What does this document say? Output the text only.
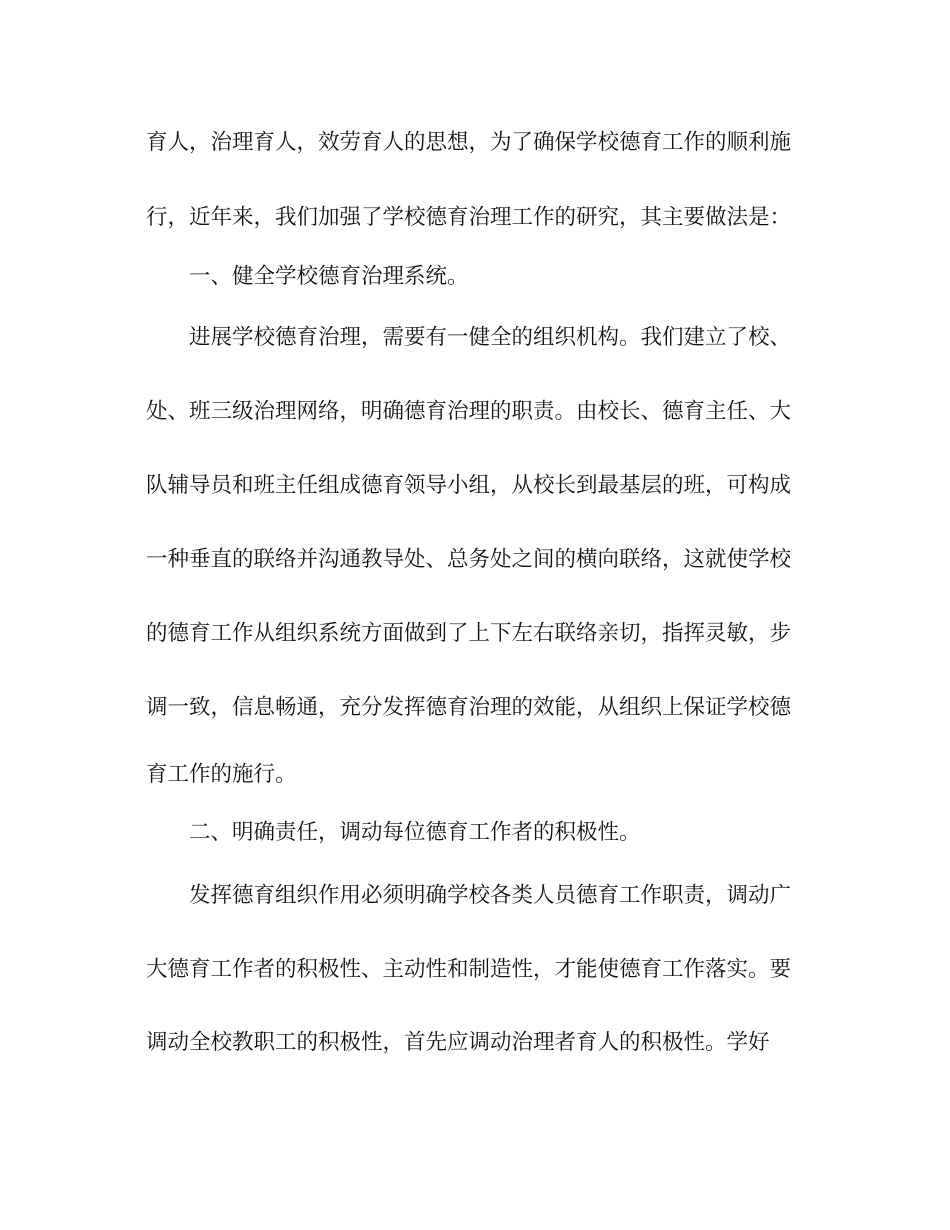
育人，治理育人，效劳育人的思想，为了确保学校德育工作的顺利施
行，近年来，我们加强了学校德育治理工作的研究，其主要做法是：
一、健全学校德育治理系统。
进展学校德育治理，需要有一健全的组织机构。我们建立了校、
处、班三级治理网络，明确德育治理的职责。由校长、德育主任、大
队辅导员和班主任组成德育领导小组，从校长到最基层的班，可构成
一种垂直的联络并沟通教导处、总务处之间的横向联络，这就使学校
的德育工作从组织系统方面做到了上下左右联络亲切，指挥灵敏，步
调一致，信息畅通，充分发挥德育治理的效能，从组织上保证学校德
育工作的施行。
二、明确责任，调动每位德育工作者的积极性。
发挥德育组织作用必须明确学校各类人员德育工作职责，调动广
大德育工作者的积极性、主动性和制造性，才能使德育工作落实。要
调动全校教职工的积极性，首先应调动治理者育人的积极性。学好
